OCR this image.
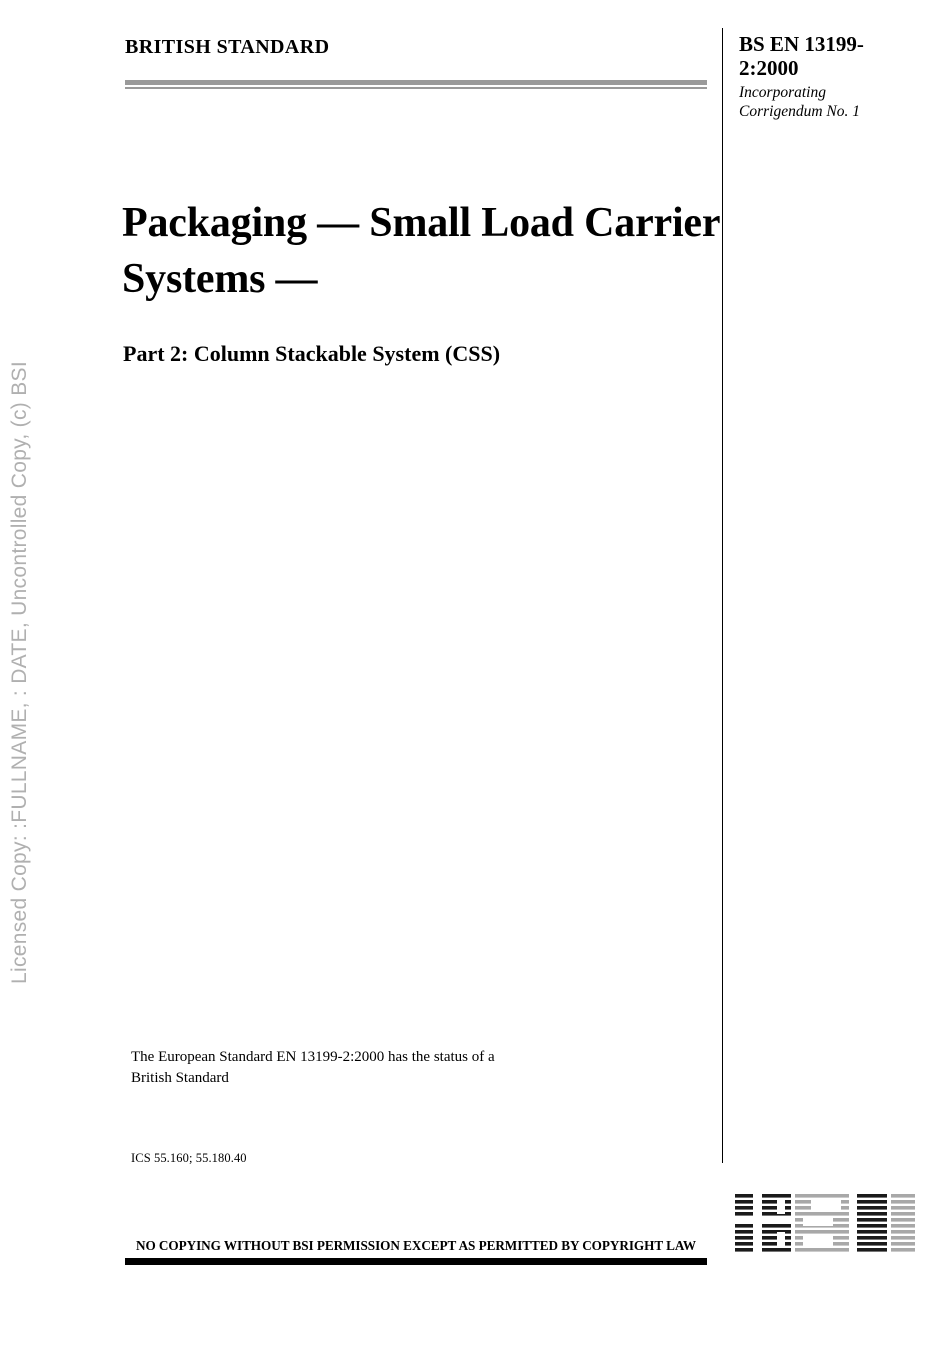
Licensed Copy: :FULLNAME, : DATE, Uncontrolled Copy, (c) BSI
BRITISH STANDARD	BS EN 13199-2:2000
Incorporating
Corrigendum No. 1
Packaging — Small Load Carrier Systems —
Part 2: Column Stackable System (CSS)
The European Standard EN 13199-2:2000 has the status of a
British Standard
ICS 55.160; 55.180.40
NO COPYING WITHOUT BSI PERMISSION EXCEPT AS PERMITTED BY COPYRIGHT LAW
